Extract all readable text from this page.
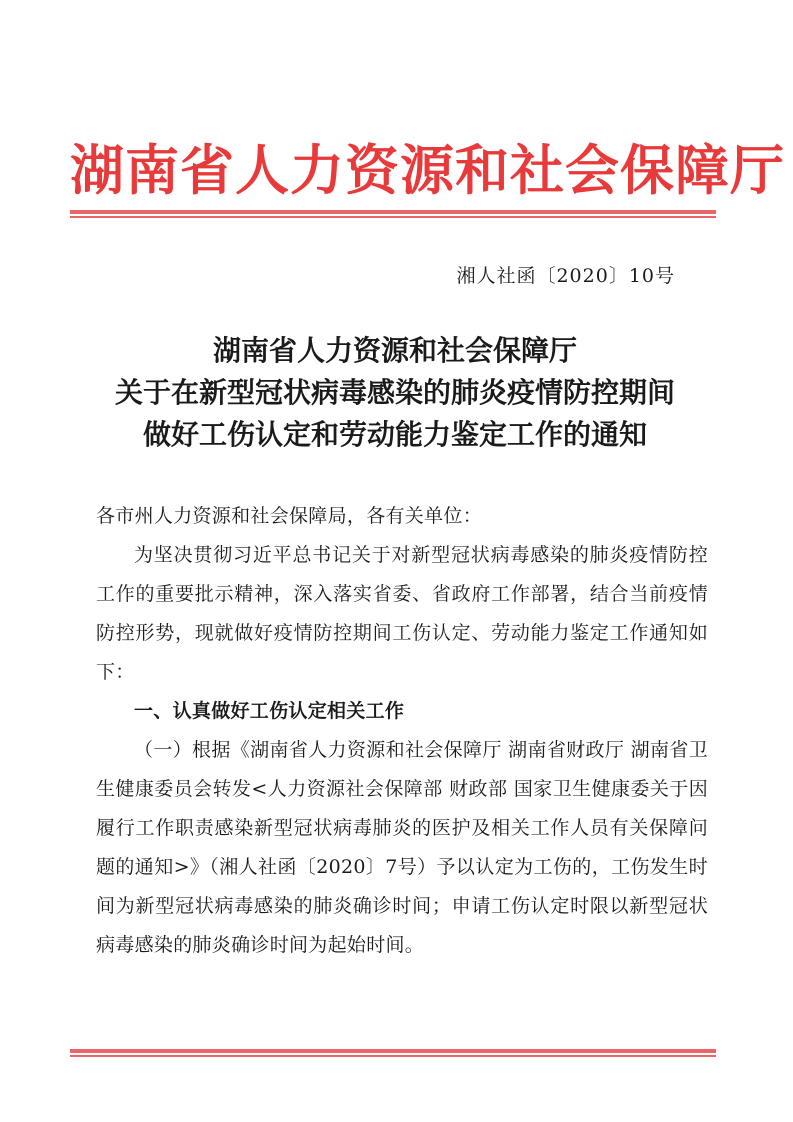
湖南省人力资源和社会保障厅
湘人社函〔2020〕10号
湖南省人力资源和社会保障厅
关于在新型冠状病毒感染的肺炎疫情防控期间
做好工伤认定和劳动能力鉴定工作的通知

各市州人力资源和社会保障局，各有关单位：

为坚决贯彻习近平总书记关于对新型冠状病毒感染的肺炎疫情防控工作的重要批示精神，深入落实省委、省政府工作部署，结合当前疫情防控形势，现就做好疫情防控期间工伤认定、劳动能力鉴定工作通知如下：

一、认真做好工伤认定相关工作

（一）根据《湖南省人力资源和社会保障厅 湖南省财政厅 湖南省卫生健康委员会转发<人力资源社会保障部 财政部 国家卫生健康委关于因履行工作职责感染新型冠状病毒肺炎的医护及相关工作人员有关保障问题的通知>》（湘人社函〔2020〕7号）予以认定为工伤的，工伤发生时间为新型冠状病毒感染的肺炎确诊时间；申请工伤认定时限以新型冠状病毒感染的肺炎确诊时间为起始时间。
